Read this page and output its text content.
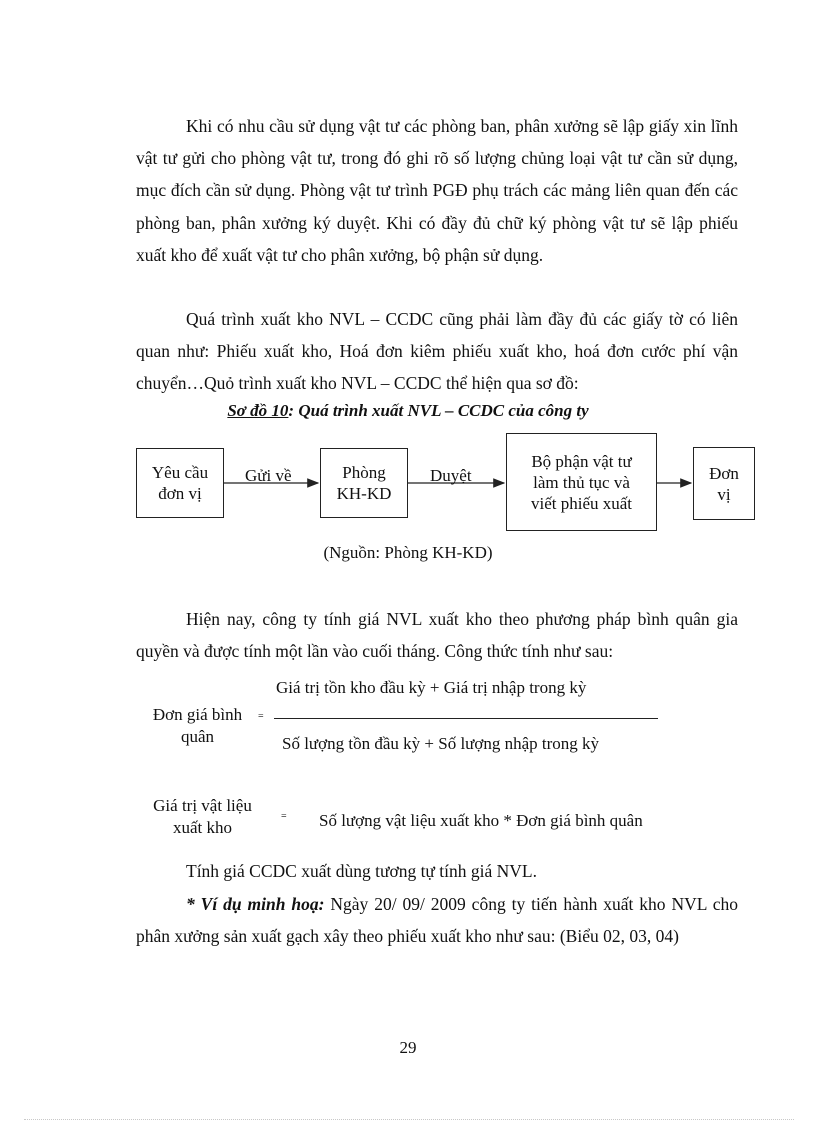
Khi có nhu cầu sử dụng vật tư các phòng ban, phân xưởng sẽ lập giấy xin lĩnh vật tư gửi cho phòng vật tư, trong đó ghi rõ số lượng chủng loại vật tư cần sử dụng, mục đích cần sử dụng. Phòng vật tư trình PGĐ phụ trách các mảng liên quan đến các phòng ban, phân xưởng ký duyệt. Khi có đầy đủ chữ ký phòng vật tư sẽ lập phiếu xuất kho để xuất vật tư cho phân xưởng, bộ phận sử dụng.

Quá trình xuất kho NVL – CCDC cũng phải làm đầy đủ các giấy tờ có liên quan như: Phiếu xuất kho, Hoá đơn kiêm phiếu xuất kho, hoá đơn cước phí vận chuyển…Quỏ trình xuất kho NVL – CCDC thể hiện qua sơ đồ:

Sơ đồ 10: Quá trình xuất NVL – CCDC của công ty

Yêu cầu
đơn vị
Phòng
KH-KD
Bộ phận vật tư
làm thủ tục và
viết phiếu xuất
Đơn
vị
Gửi về	Duyệt

(Nguồn: Phòng KH-KD)

Hiện nay, công ty tính giá NVL xuất kho theo phương pháp bình quân gia quyền và được tính một lần vào cuối tháng. Công thức tính như sau:

Đơn giá bình
quân
=
Giá trị tồn kho đầu kỳ + Giá trị nhập trong kỳ
Số lượng tồn đầu kỳ + Số lượng nhập trong kỳ
Giá trị vật liệu
xuất kho
= Số lượng vật liệu xuất kho * Đơn giá bình quân

Tính giá CCDC xuất dùng tương tự tính giá NVL.

* Ví dụ minh hoạ: Ngày 20/ 09/ 2009 công ty tiến hành xuất kho NVL cho phân xưởng sản xuất gạch xây theo phiếu xuất kho như sau: (Biểu 02, 03, 04)

29
